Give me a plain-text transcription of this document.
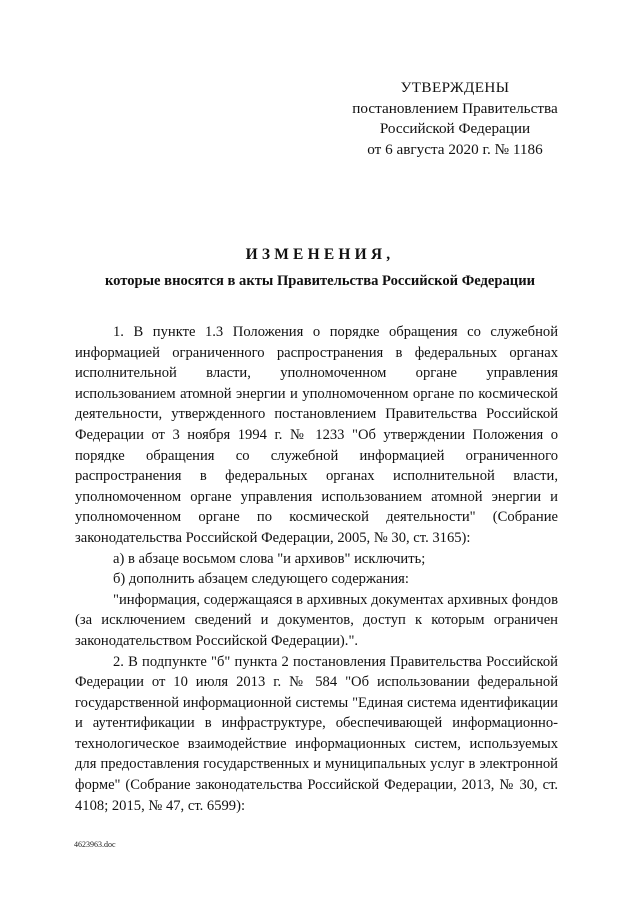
УТВЕРЖДЕНЫ
постановлением Правительства
Российской Федерации
от 6 августа 2020 г. № 1186
ИЗМЕНЕНИЯ,
которые вносятся в акты Правительства Российской Федерации

1. В пункте 1.3 Положения о порядке обращения со служебной информацией ограниченного распространения в федеральных органах исполнительной власти, уполномоченном органе управления использованием атомной энергии и уполномоченном органе по космической деятельности, утвержденного постановлением Правительства Российской Федерации от 3 ноября 1994 г. № 1233 "Об утверждении Положения о порядке обращения со служебной информацией ограниченного распространения в федеральных органах исполнительной власти, уполномоченном органе управления использованием атомной энергии и уполномоченном органе по космической деятельности" (Собрание законодательства Российской Федерации, 2005, № 30, ст. 3165):

а) в абзаце восьмом слова "и архивов" исключить;

б) дополнить абзацем следующего содержания:

"информация, содержащаяся в архивных документах архивных фондов (за исключением сведений и документов, доступ к которым ограничен законодательством Российской Федерации).".

2. В подпункте "б" пункта 2 постановления Правительства Российской Федерации от 10 июля 2013 г. № 584 "Об использовании федеральной государственной информационной системы "Единая система идентификации и аутентификации в инфраструктуре, обеспечивающей информационно-технологическое взаимодействие информационных систем, используемых для предоставления государственных и муниципальных услуг в электронной форме" (Собрание законодательства Российской Федерации, 2013, № 30, ст. 4108; 2015, № 47, ст. 6599):

4623963.doc
